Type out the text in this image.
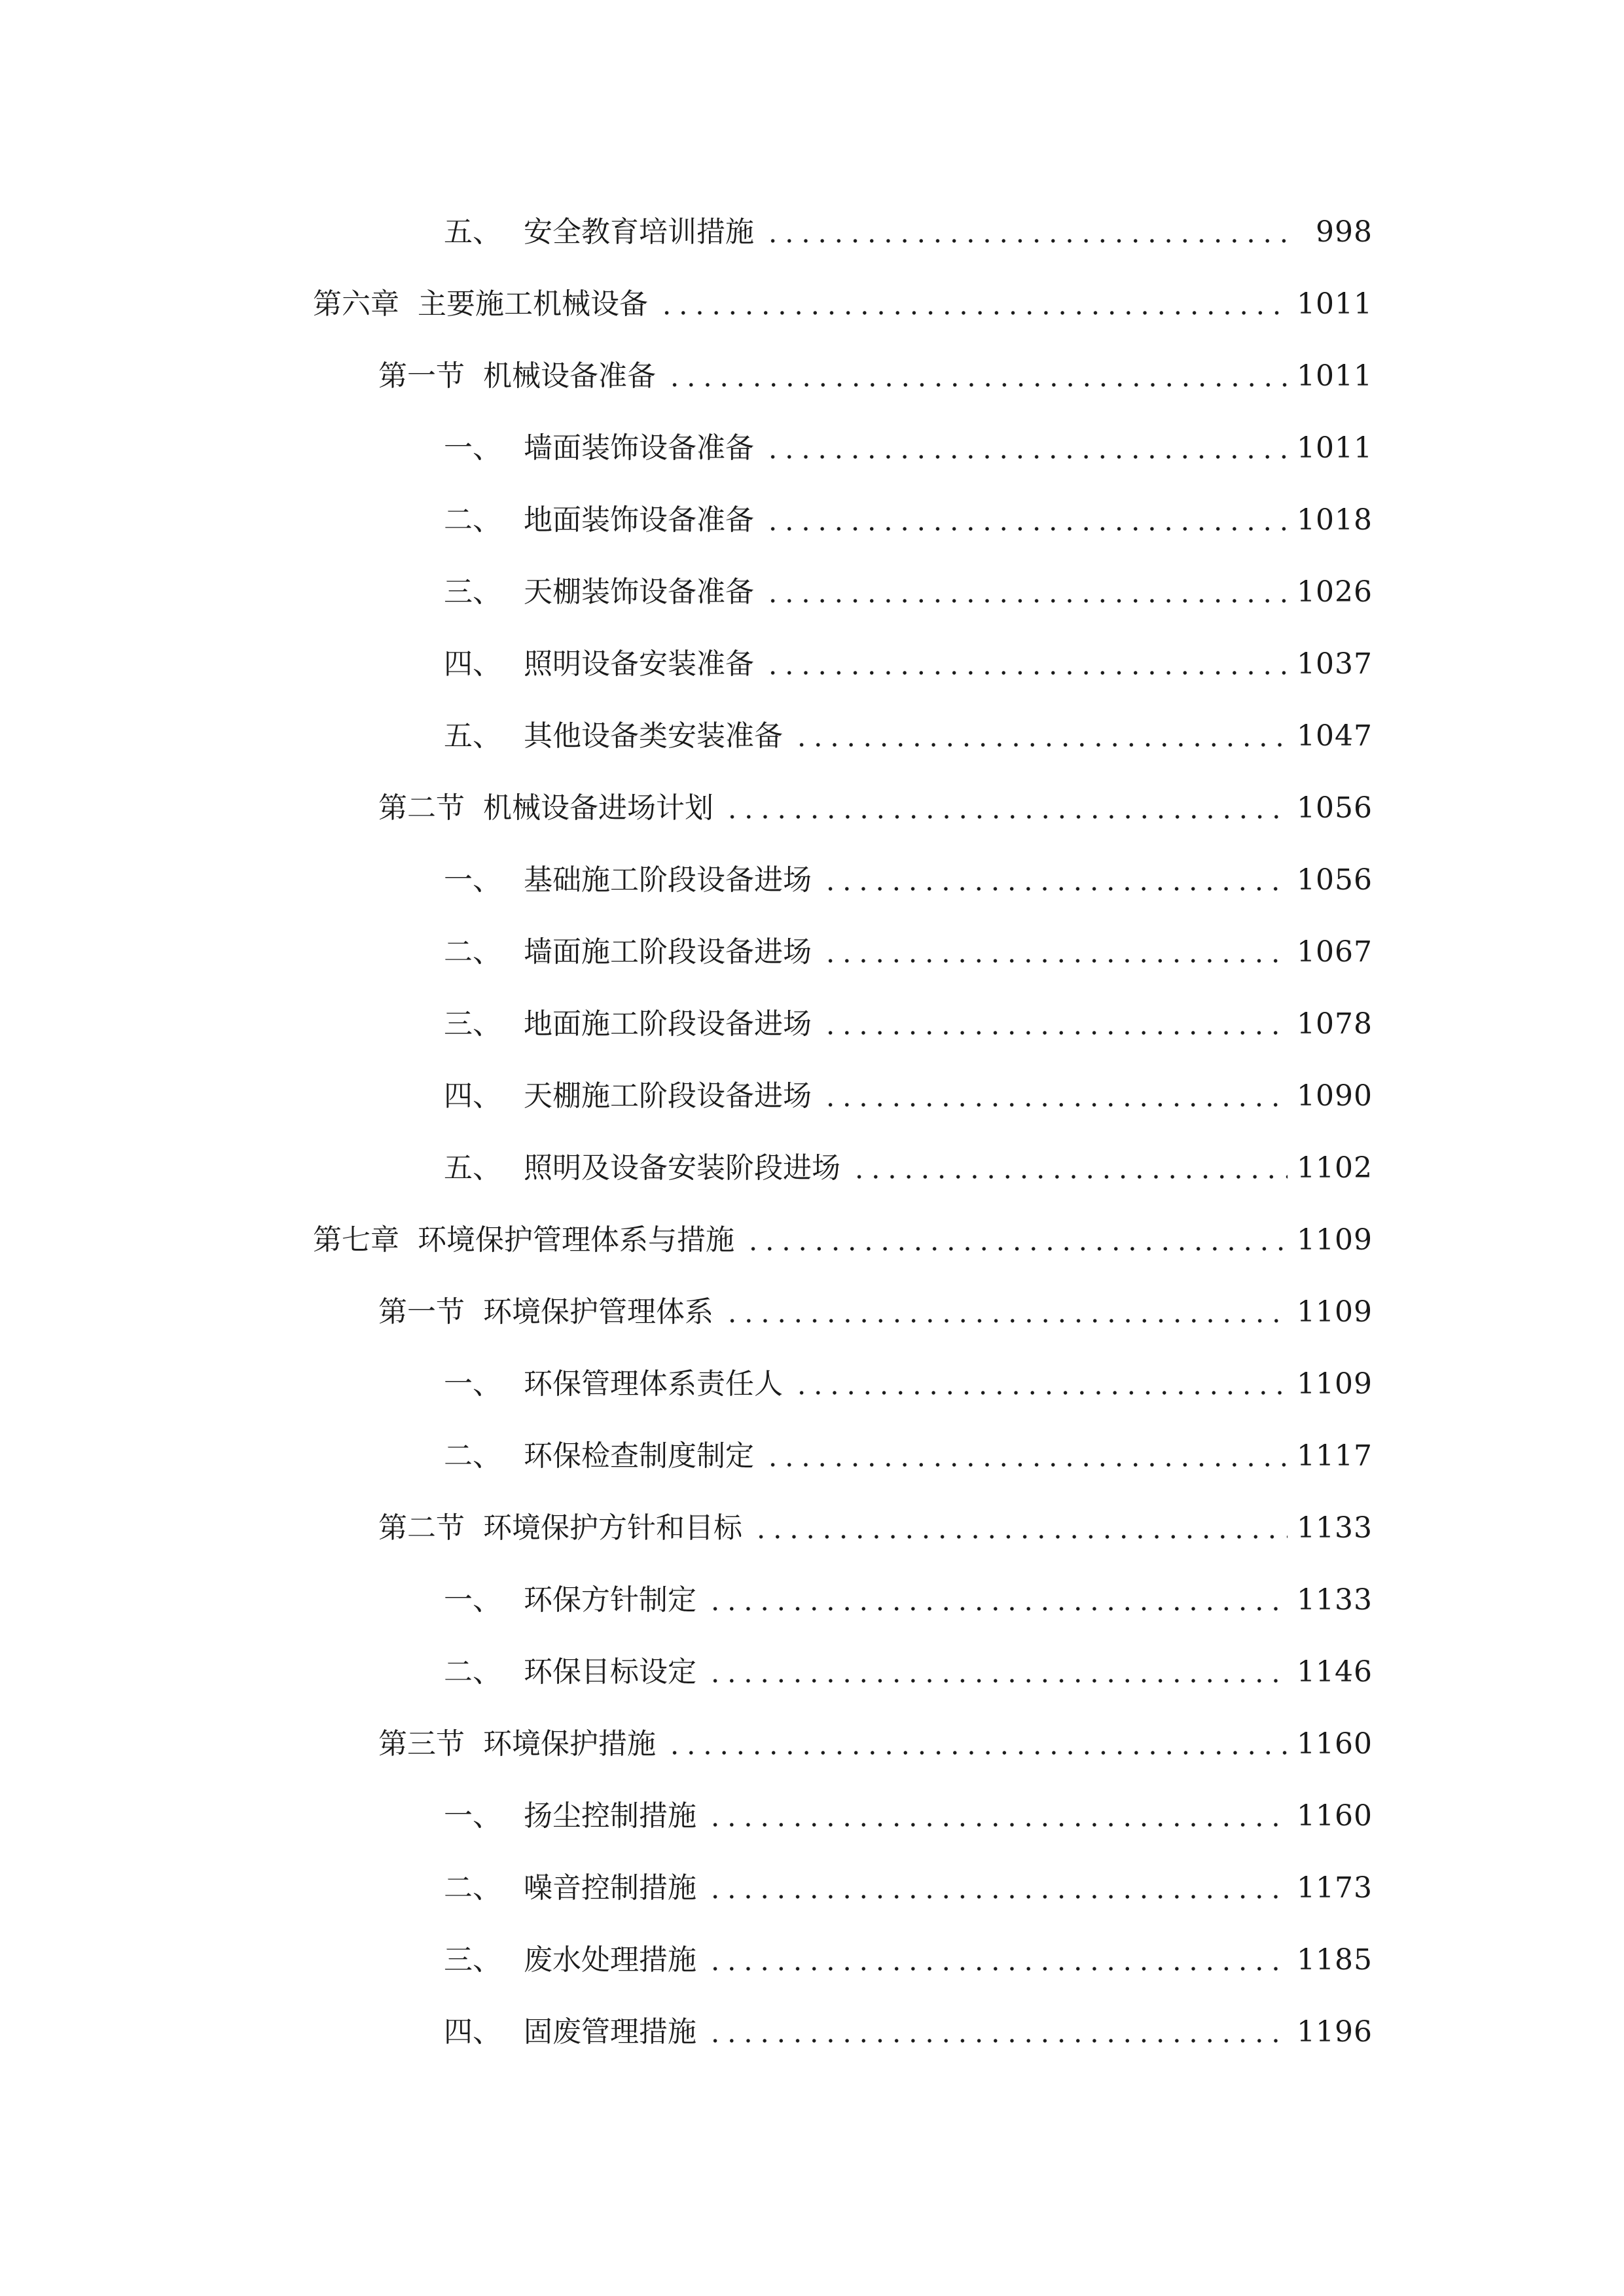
五、 安全教育培训措施	998
第六章 主要施工机械设备	1011
第一节 机械设备准备	1011
一、 墙面装饰设备准备	1011
二、 地面装饰设备准备	1018
三、 天棚装饰设备准备	1026
四、 照明设备安装准备	1037
五、 其他设备类安装准备	1047
第二节 机械设备进场计划	1056
一、 基础施工阶段设备进场	1056
二、 墙面施工阶段设备进场	1067
三、 地面施工阶段设备进场	1078
四、 天棚施工阶段设备进场	1090
五、 照明及设备安装阶段进场	1102
第七章 环境保护管理体系与措施	1109
第一节 环境保护管理体系	1109
一、 环保管理体系责任人	1109
二、 环保检查制度制定	1117
第二节 环境保护方针和目标	1133
一、 环保方针制定	1133
二、 环保目标设定	1146
第三节 环境保护措施	1160
一、 扬尘控制措施	1160
二、 噪音控制措施	1173
三、 废水处理措施	1185
四、 固废管理措施	1196
